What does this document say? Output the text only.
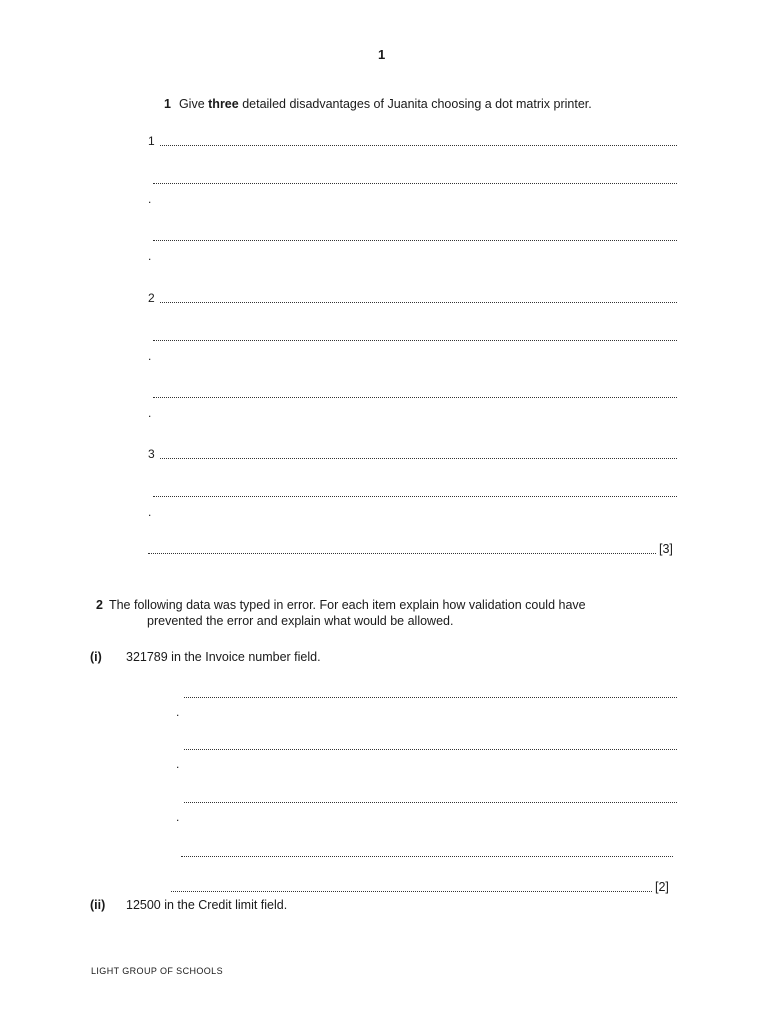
1
1 Give three detailed disadvantages of Juanita choosing a dot matrix printer.
1
.
.
2
.
.
3
.
[3]
2 The following data was typed in error. For each item explain how validation could have
prevented the error and explain what would be allowed.
(i) 321789 in the Invoice number field.
.
.
.
[2]
(ii) 12500 in the Credit limit field.
LIGHT GROUP OF SCHOOLS
